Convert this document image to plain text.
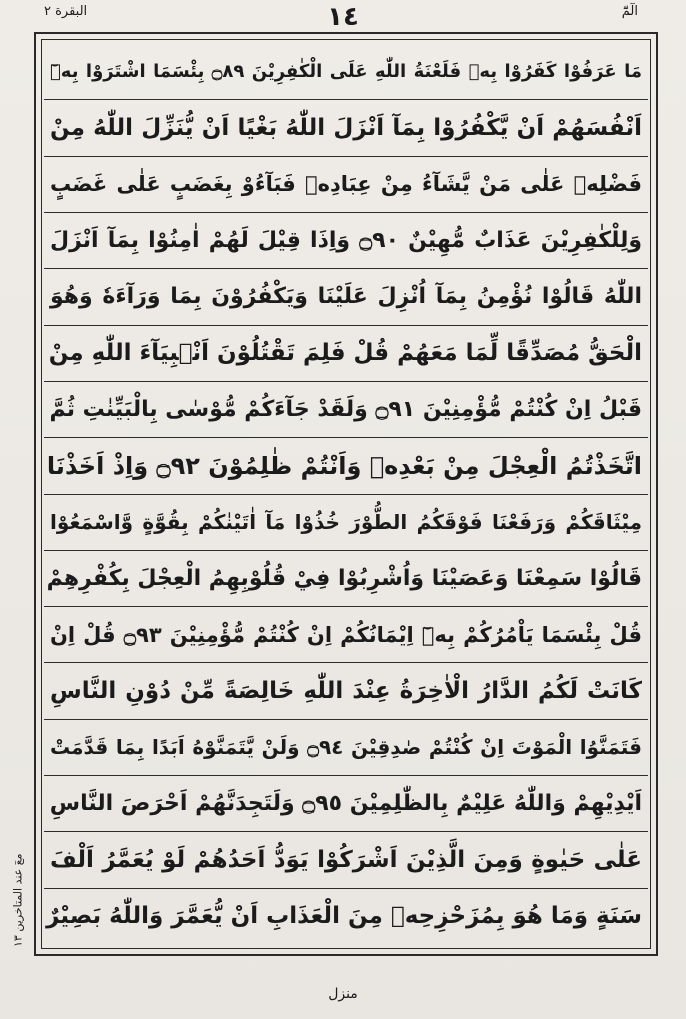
١٤
البقرة ٢	الٓمّٓ
مَا عَرَفُوْا كَفَرُوْا بِهٖ فَلَعْنَةُ اللّٰهِ عَلَى الْكٰفِرِيْنَ ۝٨٩ بِئْسَمَا اشْتَرَوْا بِهٖٓ
اَنْفُسَهُمْ اَنْ يَّكْفُرُوْا بِمَآ اَنْزَلَ اللّٰهُ بَغْيًا اَنْ يُّنَزِّلَ اللّٰهُ مِنْ
فَضْلِهٖ عَلٰى مَنْ يَّشَآءُ مِنْ عِبَادِهٖ فَبَآءُوْ بِغَضَبٍ عَلٰى غَضَبٍ
وَلِلْكٰفِرِيْنَ عَذَابٌ مُّهِيْنٌ ۝٩٠ وَاِذَا قِيْلَ لَهُمْ اٰمِنُوْا بِمَآ اَنْزَلَ
اللّٰهُ قَالُوْا نُؤْمِنُ بِمَآ اُنْزِلَ عَلَيْنَا وَيَكْفُرُوْنَ بِمَا وَرَآءَهٗ وَهُوَ
الْحَقُّ مُصَدِّقًا لِّمَا مَعَهُمْ قُلْ فَلِمَ تَقْتُلُوْنَ اَنْۢبِيَآءَ اللّٰهِ مِنْ
قَبْلُ اِنْ كُنْتُمْ مُّؤْمِنِيْنَ ۝٩١ وَلَقَدْ جَآءَكُمْ مُّوْسٰى بِالْبَيِّنٰتِ ثُمَّ
اتَّخَذْتُمُ الْعِجْلَ مِنْ بَعْدِهٖ وَاَنْتُمْ ظٰلِمُوْنَ ۝٩٢ وَاِذْ اَخَذْنَا
مِيْثَاقَكُمْ وَرَفَعْنَا فَوْقَكُمُ الطُّوْرَ خُذُوْا مَآ اٰتَيْنٰكُمْ بِقُوَّةٍ وَّاسْمَعُوْا
قَالُوْا سَمِعْنَا وَعَصَيْنَا وَاُشْرِبُوْا فِيْ قُلُوْبِهِمُ الْعِجْلَ بِكُفْرِهِمْ
قُلْ بِئْسَمَا يَاْمُرُكُمْ بِهٖٓ اِيْمَانُكُمْ اِنْ كُنْتُمْ مُّؤْمِنِيْنَ ۝٩٣ قُلْ اِنْ
كَانَتْ لَكُمُ الدَّارُ الْاٰخِرَةُ عِنْدَ اللّٰهِ خَالِصَةً مِّنْ دُوْنِ النَّاسِ
فَتَمَنَّوُا الْمَوْتَ اِنْ كُنْتُمْ صٰدِقِيْنَ ۝٩٤ وَلَنْ يَّتَمَنَّوْهُ اَبَدًا بِمَا قَدَّمَتْ
اَيْدِيْهِمْ وَاللّٰهُ عَلِيْمٌ بِالظّٰلِمِيْنَ ۝٩٥ وَلَتَجِدَنَّهُمْ اَحْرَصَ النَّاسِ
عَلٰى حَيٰوةٍ وَمِنَ الَّذِيْنَ اَشْرَكُوْا يَوَدُّ اَحَدُهُمْ لَوْ يُعَمَّرُ اَلْفَ
سَنَةٍ وَمَا هُوَ بِمُزَحْزِحِهٖ مِنَ الْعَذَابِ اَنْ يُّعَمَّرَ وَاللّٰهُ بَصِيْرٌ
معٓ عند المتاخرین ١٣
منزل
